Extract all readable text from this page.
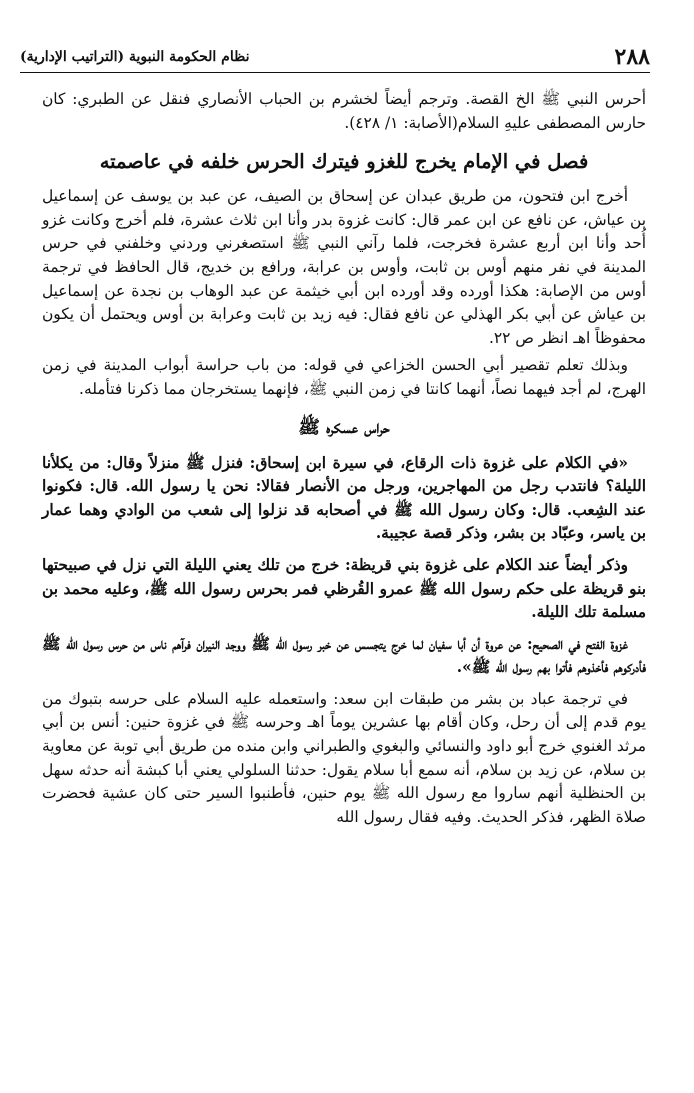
٢٨٨
نظام الحكومة النبوية (التراتيب الإدارية)

أحرس النبي ﷺ الخ القصة. وترجم أيضاً لخشرم بن الحباب الأنصاري فنقل عن الطبري: كان حارس المصطفى عليهِ السلام(الأصابة: ١/ ٤٢٨).

فصل في الإمام يخرج للغزو فيترك الحرس خلفه في عاصمته

أخرج ابن فتحون، من طريق عبدان عن إسحاق بن الصيف، عن عبد بن يوسف عن إسماعيل بن عياش، عن نافع عن ابن عمر قال: كانت غزوة بدر وأنا ابن ثلاث عشرة، فلم أخرج وكانت غزو أُحد وأنا ابن أربع عشرة فخرجت، فلما رآني النبي ﷺ استصغرني وردني وخلفني في حرس المدينة في نفر منهم أوس بن ثابت، وأوس بن عرابة، ورافع بن خديج، قال الحافظ في ترجمة أوس من الإصابة: هكذا أورده وقد أورده ابن أبي خيثمة عن عبد الوهاب بن نجدة عن إسماعيل بن عياش عن أبي بكر الهذلي عن نافع فقال: فيه زيد بن ثابت وعرابة بن أوس ويحتمل أن يكون محفوظاً اهـ انظر ص ٢٢.

وبذلك تعلم تقصير أبي الحسن الخزاعي في قوله: من باب حراسة أبواب المدينة في زمن الهرج، لم أجد فيهما نصاً، أنهما كانتا في زمن النبي ﷺ، فإنهما يستخرجان مما ذكرنا فتأمله.

حراس عسكره ﷺ

«في الكلام على غزوة ذات الرقاع، في سيرة ابن إسحاق: فنزل ﷺ منزلاً وقال: من يكلأنا الليلة؟ فانتدب رجل من المهاجرين، ورجل من الأنصار فقالا: نحن يا رسول الله. قال: فكونوا عند الشِعب. قال: وكان رسول الله ﷺ في أصحابه قد نزلوا إلى شعب من الوادي وهما عمار بن ياسر، وعبّاد بن بشر، وذكر قصة عجيبة.

وذكر أيضاً عند الكلام على غزوة بني قريظة: خرج من تلك يعني الليلة التي نزل في صبيحتها بنو قريظة على حكم رسول الله ﷺ عمرو القُرظي فمر بحرس رسول الله ﷺ، وعليه محمد بن مسلمة تلك الليلة.

غزوة الفتح في الصحيح: عن عروة أن أبا سفيان لما خرج يتجسس عن خبر رسول الله ﷺ ووجد النيران فرآهم ناس من حرس رسول الله ﷺ فأدركوهم فأخذوهم فأتوا بهم رسول الله ﷺ».

في ترجمة عباد بن بشر من طبقات ابن سعد: واستعمله عليه السلام على حرسه بتبوك من يوم قدم إلى أن رحل، وكان أقام بها عشرين يوماً اهـ وحرسه ﷺ في غزوة حنين: أنس بن أبي مرثد الغنوي خرج أبو داود والنسائي والبغوي والطبراني وابن منده من طريق أبي توبة عن معاوية بن سلام، عن زيد بن سلام، أنه سمع أبا سلام يقول: حدثنا السلولي يعني أبا كبشة أنه حدثه سهل بن الحنظلية أنهم ساروا مع رسول الله ﷺ يوم حنين، فأطنبوا السير حتى كان عشية فحضرت صلاة الظهر، فذكر الحديث. وفيه فقال رسول الله
